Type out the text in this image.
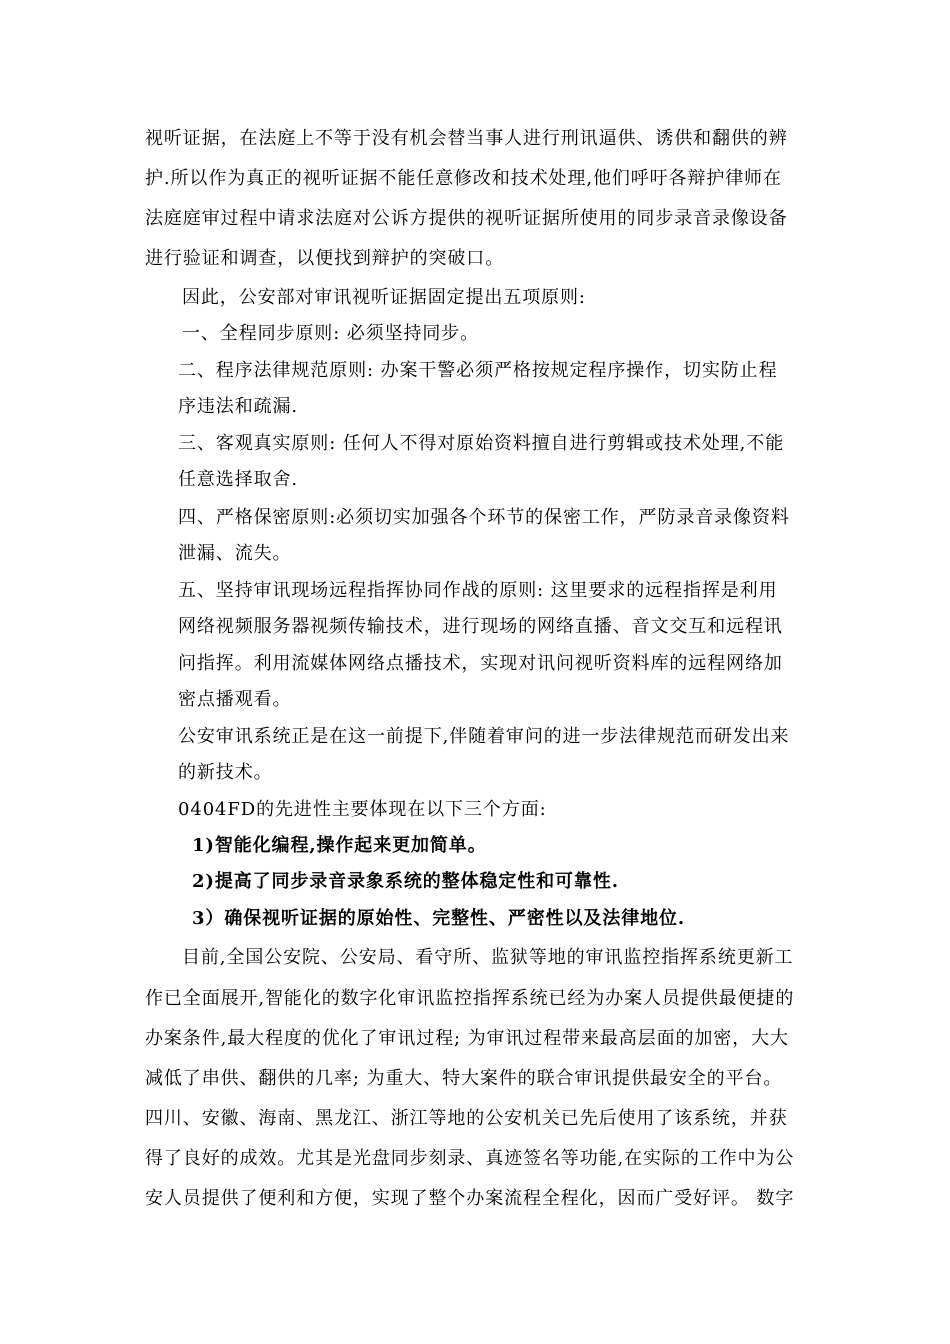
视听证据，在法庭上不等于没有机会替当事人进行刑讯逼供、诱供和翻供的辨

护.所以作为真正的视听证据不能任意修改和技术处理,他们呼吁各辩护律师在

法庭庭审过程中请求法庭对公诉方提供的视听证据所使用的同步录音录像设备

进行验证和调查，以便找到辩护的突破口。

因此，公安部对审讯视听证据固定提出五项原则:

一、全程同步原则: 必须坚持同步。

二、程序法律规范原则: 办案干警必须严格按规定程序操作，切实防止程

序违法和疏漏.

三、客观真实原则: 任何人不得对原始资料擅自进行剪辑或技术处理,不能

任意选择取舍.

四、严格保密原则:必须切实加强各个环节的保密工作，严防录音录像资料

泄漏、流失。

五、坚持审讯现场远程指挥协同作战的原则: 这里要求的远程指挥是利用

网络视频服务器视频传输技术，进行现场的网络直播、音文交互和远程讯

问指挥。利用流媒体网络点播技术，实现对讯问视听资料库的远程网络加

密点播观看。

公安审讯系统正是在这一前提下,伴随着审问的进一步法律规范而研发出来

的新技术。

0404FD的先进性主要体现在以下三个方面:

1)智能化编程,操作起来更加简单。

2)提高了同步录音录象系统的整体稳定性和可靠性.

3）确保视听证据的原始性、完整性、严密性以及法律地位.

目前,全国公安院、公安局、看守所、监狱等地的审讯监控指挥系统更新工

作已全面展开,智能化的数字化审讯监控指挥系统已经为办案人员提供最便捷的

办案条件,最大程度的优化了审讯过程; 为审讯过程带来最高层面的加密，大大

减低了串供、翻供的几率; 为重大、特大案件的联合审讯提供最安全的平台。

四川、安徽、海南、黑龙江、浙江等地的公安机关已先后使用了该系统，并获

得了良好的成效。尤其是光盘同步刻录、真迹签名等功能,在实际的工作中为公

安人员提供了便利和方便，实现了整个办案流程全程化，因而广受好评。 数字
